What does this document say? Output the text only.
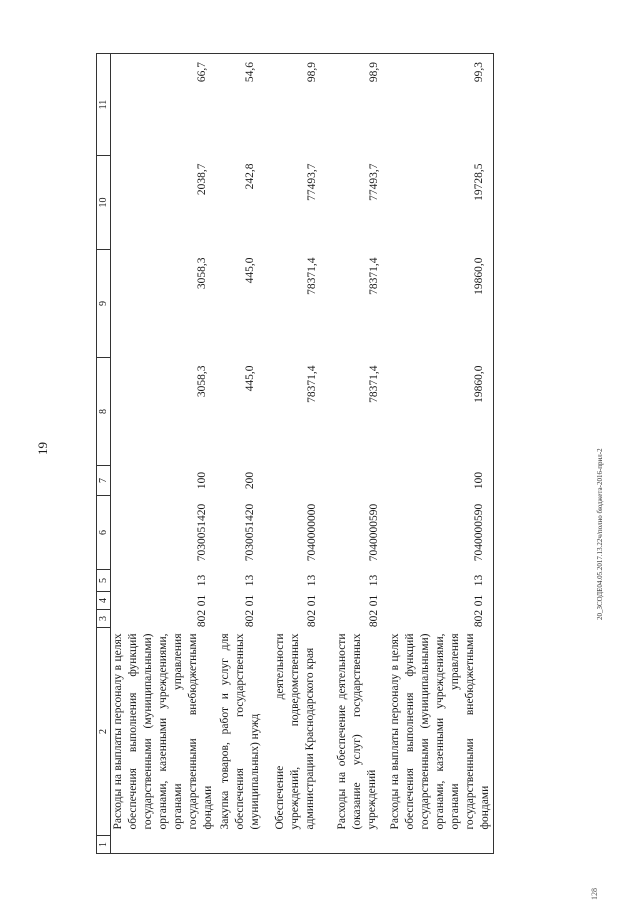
19
1	2	3	4	5	6	7	8	9	10	11

	Расходы на выплаты персоналу в целях обеспечения выполнения функций государственными (муниципальными) органами, казенными учреждениями, органами управления государственными внебюджетными фондами	802	01	13	7030051420	100	3058,3	3058,3	2038,7	66,7

	Закупка товаров, работ и услуг для обеспечения государственных (муниципальных) нужд	802	01	13	7030051420	200	445,0	445,0	242,8	54,6

	Обеспечение деятельности учреждений, подведомственных администрации Краснодарского края	802	01	13	7040000000		78371,4	78371,4	77493,7	98,9

	Расходы на обеспечение деятельности (оказание услуг) государственных учреждений	802	01	13	7040000590		78371,4	78371,4	77493,7	98,9

	Расходы на выплаты персоналу в целях обеспечения выполнения функций государственными (муниципальными) органами, казенными учреждениями, органами управления государственными внебюджетными фондами	802	01	13	7040000590	100	19860,0	19860,0	19728,5	99,3
20_ЗСОДЕ04.05.2017.13.22ч/полно бюджета-2016-прил-2
128
